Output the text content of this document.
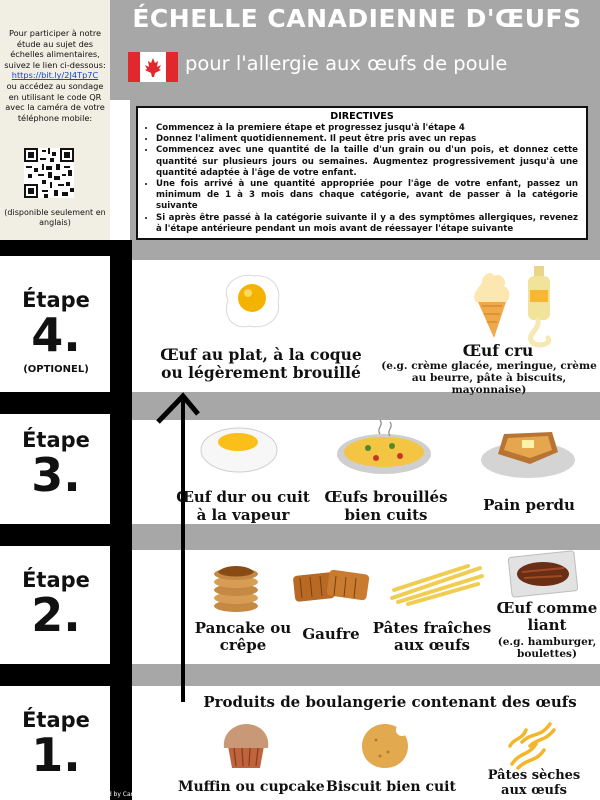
ÉCHELLE CANADIENNE D'ŒUFS
pour l'allergie aux œufs de poule
Pour participer à notre étude au sujet des échelles alimentaires, suivez le lien ci-dessous:
https://bit.ly/2J4Tp7C
ou accédez au sondage en utilisant le code QR avec la caméra de votre téléphone mobile:
(disponible seulement en anglais)
DIRECTIVES
• Commencez à la premiere étape et progressez jusqu'à l'étape 4
• Donnez l'aliment quotidiennement. Il peut être pris avec un repas
• Commencez avec une quantité de la taille d'un grain ou d'un pois, et donnez cette quantité sur plusieurs jours ou semaines. Augmentez progressivement jusqu'à une quantité adaptée à l'âge de votre enfant.
• Une fois arrivé à une quantité appropriée pour l'âge de votre enfant, passez un minimum de 1 à 3 mois dans chaque catégorie, avant de passer à la catégorie suivante
• Si après être passé à la catégorie suivante il y a des symptômes allergiques, revenez à l'étape antérieure pendant un mois avant de réessayer l'étape suivante
Étape
4.
(OPTIONEL)
Étape
3.
Étape
2.
Étape
1.
Œuf au plat, à la coque ou légèrement brouillé
Œuf cru
(e.g. crème glacée, meringue, crème au beurre, pâte à biscuits, mayonnaise)
Œuf dur ou cuit à la vapeur
Œufs brouillés bien cuits
Pain perdu
Pancake ou crêpe
Gaufre Pâtes fraîches aux œufs
Œuf comme liant
(e.g. hamburger, boulettes)
Produits de boulangerie contenant des œufs
Muffin ou cupcake Biscuit bien cuit
Pâtes sèches aux œufs
© Copyright	images powered by Canva
